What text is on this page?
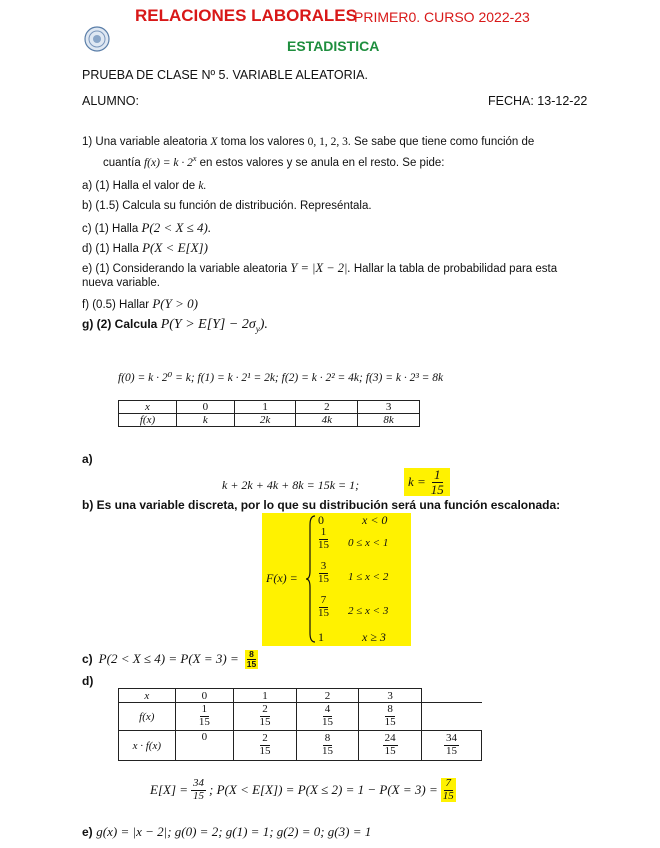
RELACIONES LABORALES
PRIMER0. CURSO 2022-23
ESTADISTICA
PRUEBA DE CLASE Nº 5. VARIABLE ALEATORIA.
ALUMNO:	FECHA: 13-12-22
1) Una variable aleatoria X toma los valores 0, 1, 2, 3. Se sabe que tiene como función de
cuantía $f(x) = k \cdot 2^x$ en estos valores y se anula en el resto. Se pide:
a) (1) Halla el valor de k.
b) (1.5) Calcula su función de distribución. Represéntala.
c) (1) Halla P(2 < X ≤ 4).
d) (1) Halla P(X < E[X])
e) (1) Considerando la variable aleatoria Y = |X − 2|. Hallar la tabla de probabilidad para esta
nueva variable.
f) (0.5) Hallar P(Y > 0)
g) (2) Calcula $P(Y > E[Y] - 2\sigma_y)$.
f(0) = k · 2⁰ = k; f(1) = k · 2¹ = 2k; f(2) = k · 2² = 4k; f(3) = k · 2³ = 8k
x	0	1	2	3
f(x)	k	2k	4k	8k
a)
k + 2k + 4k + 8k = 15k = 1;	$k = \frac{1}{15}$
b) Es una variable discreta, por lo que su distribución será una función escalonada:
F(x) =
0	x < 0
$\frac{1}{15} 0 \le x < 1$
$\frac{3}{15} 1 \le x < 2$
$\frac{7}{15} 2 \le x < 3$
1	x ≥ 3
c) $P(2 < X \le 4) = P(X = 3) = \frac{8}{15}$
d)
x	0	1	2	3	
f(x)	$\frac{1}{15}$	$\frac{2}{15}$	$\frac{4}{15}$	$\frac{8}{15}$

x · f(x)	0	$\frac{2}{15}$	$\frac{8}{15}$	$\frac{24}{15}$	$\frac{34}{15}$
$E[X] = \frac{34}{15}$ ; $P(X < E[X]) = P(X \le 2) = 1 - P(X = 3) = \frac{7}{15}$
e) g(x) = |x − 2|; g(0) = 2; g(1) = 1; g(2) = 0; g(3) = 1
